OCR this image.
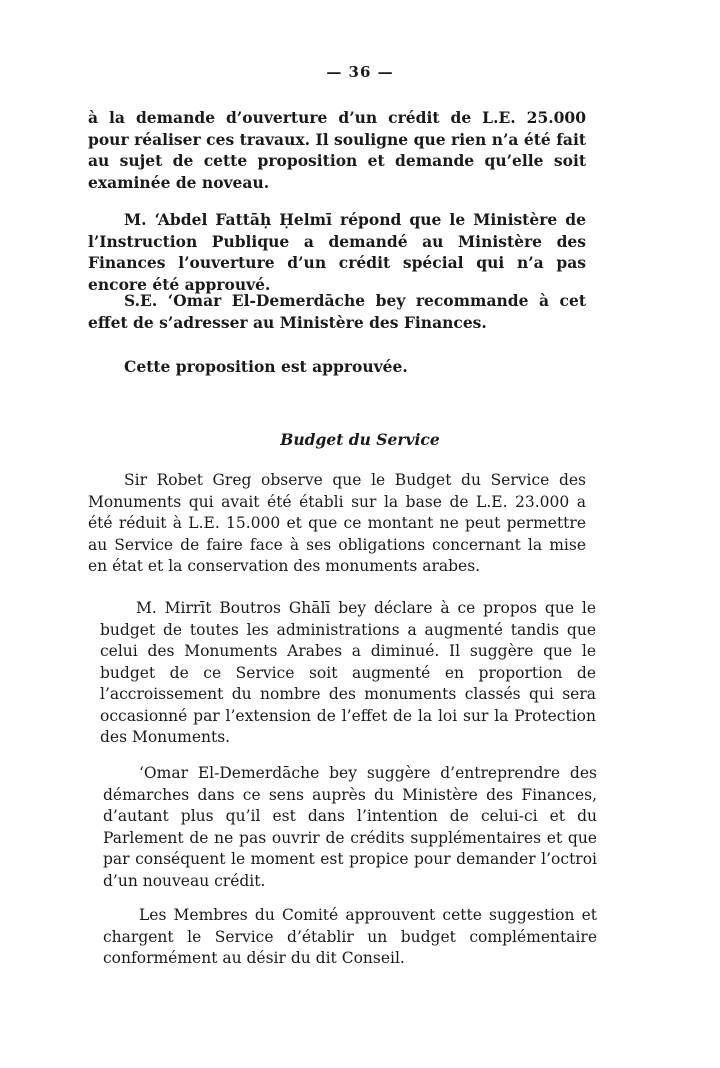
— 36 —

à la demande d’ouverture d’un crédit de L.E. 25.000 pour réaliser ces travaux. Il souligne que rien n’a été fait au sujet de cette proposition et demande qu’elle soit examinée de noveau.

M. ‘Abdel Fattāḥ Ḥelmī répond que le Ministère de l’Instruction Publique a demandé au Ministère des Finances l’ouverture d’un crédit spécial qui n’a pas encore été approuvé.

S.E. ‘Omar El-Demerdāche bey recommande à cet effet de s’adresser au Ministère des Finances.

Cette proposition est approuvée.

Budget du Service

Sir Robet Greg observe que le Budget du Service des Monuments qui avait été établi sur la base de L.E. 23.000 a été réduit à L.E. 15.000 et que ce montant ne peut permettre au Service de faire face à ses obligations concernant la mise en état et la conservation des monuments arabes.

M. Mirrīt Boutros Ghālī bey déclare à ce propos que le budget de toutes les administrations a augmenté tandis que celui des Monuments Arabes a diminué. Il suggère que le budget de ce Service soit augmenté en proportion de l’accroissement du nombre des monuments classés qui sera occasionné par l’extension de l’effet de la loi sur la Protection des Monuments.

‘Omar El-Demerdāche bey suggère d’entreprendre des démarches dans ce sens auprès du Ministère des Finances, d’autant plus qu’il est dans l’intention de celui-ci et du Parlement de ne pas ouvrir de crédits supplémentaires et que par conséquent le moment est propice pour demander l’octroi d’un nouveau crédit.

Les Membres du Comité approuvent cette suggestion et chargent le Service d’établir un budget complémentaire conformément au désir du dit Conseil.
